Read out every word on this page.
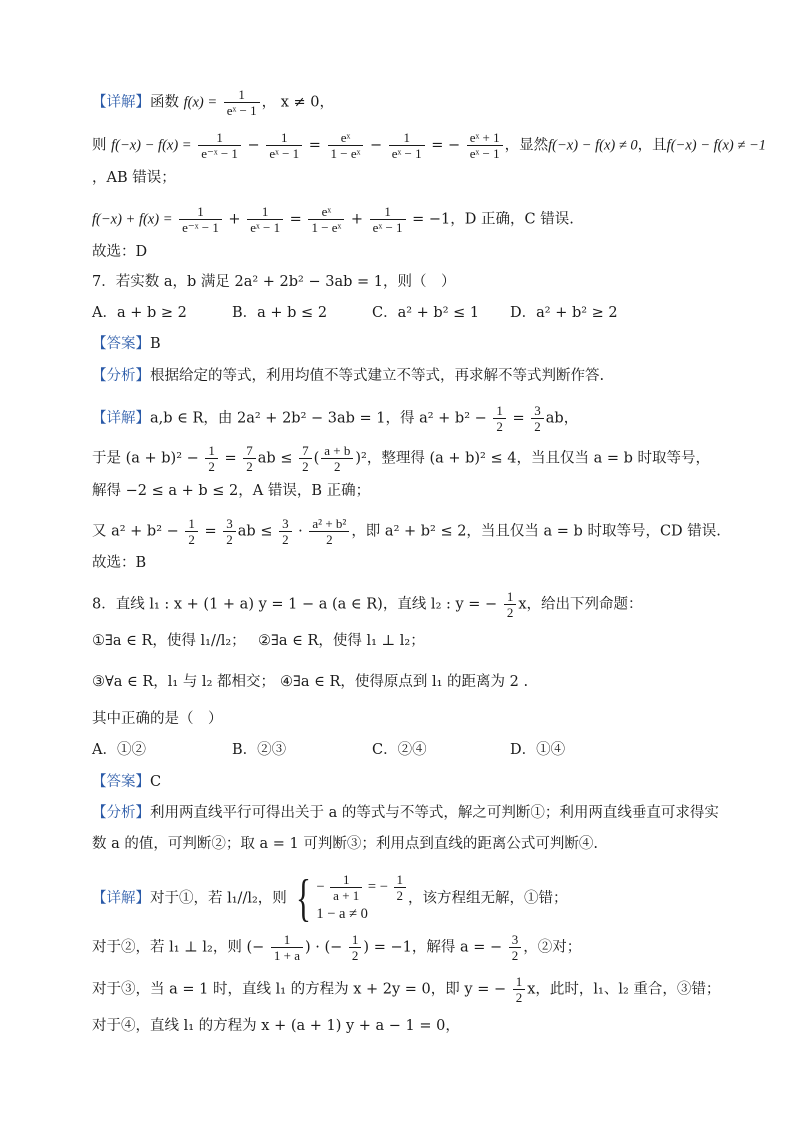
【详解】函数 $f(x) = \frac{1}{\text{eˣ − 1}}$ ， x ≠ 0，
则 $f(-x) - f(x) = \frac{1}{\text{e⁻ˣ − 1}} - \frac{1}{\text{eˣ − 1}} = \frac{\text{eˣ}}{\text{1 − eˣ}} - \frac{1}{\text{eˣ − 1}}$ = − $\frac{\text{eˣ + 1}}{\text{eˣ − 1}}$ ，显然f(−x) − f(x) ≠ 0，且f(−x) − f(x) ≠ −1
，AB 错误；
$f(-x) + f(x) = \frac{1}{\text{e⁻ˣ − 1}} + \frac{1}{\text{eˣ − 1}} = \frac{\text{eˣ}}{\text{1 − eˣ}} + \frac{1}{\text{eˣ − 1}} = -1$，D 正确，C 错误.
故选：D
7．若实数 a，b 满足 2a² + 2b² − 3ab = 1，则（　）
A．a + b ≥ 2	B．a + b ≤ 2	C．a² + b² ≤ 1 D．a² + b² ≥ 2
【答案】B
【分析】根据给定的等式，利用均值不等式建立不等式，再求解不等式判断作答.
【详解】a,b ∈ R，由 2a² + 2b² − 3ab = 1，得 $a^2 + b^2 - \frac{1}{2} = \frac{3}{2}$ ab，
于是 $(a + b)^2 - \frac{1}{2} = \frac{7}{2}$ ab ≤ $\frac{7}{2}$ ( $\frac{a + b}{2} )^2$，整理得 (a + b)² ≤ 4，当且仅当 a = b 时取等号，
解得 −2 ≤ a + b ≤ 2，A 错误，B 正确；
又 $a^2 + b^2 - \frac{1}{2} = \frac{3}{2}$ ab ≤ $\frac{3}{2} \cdot \frac{\text{a² + b²}}{2}$ ，即 a² + b² ≤ 2，当且仅当 a = b 时取等号，CD 错误.
故选：B
8．直线 l₁ : x + (1 + a) y = 1 − a (a ∈ R)，直线 l₂ : y = − $\frac{1}{2}$ x，给出下列命题：
①∃a ∈ R，使得 l₁//l₂； ②∃a ∈ R，使得 l₁ ⊥ l₂；
③∀a ∈ R，l₁ 与 l₂ 都相交； ④∃a ∈ R，使得原点到 l₁ 的距离为 2 .
其中正确的是（　）
A．①②	B．②③	C．②④	D．①④
【答案】C
【分析】利用两直线平行可得出关于 a 的等式与不等式，解之可判断①；利用两直线垂直可求得实
数 a 的值，可判断②；取 a = 1 可判断③；利用点到直线的距离公式可判断④.
【详解】对于①，若 l₁//l₂，则 { − $\frac{1}{a + 1}$ = − $\frac{1}{2}$
1 − a ≠ 0
，该方程组无解，①错；
对于②，若 l₁ ⊥ l₂，则 (− $\frac{1}{1 + a}$ ) · (− $\frac{1}{2}$ ) = −1，解得 a = − $\frac{3}{2}$ ，②对；
对于③，当 a = 1 时，直线 l₁ 的方程为 x + 2y = 0，即 y = − $\frac{1}{2}$ x，此时，l₁、l₂ 重合，③错；
对于④，直线 l₁ 的方程为 x + (a + 1) y + a − 1 = 0，
